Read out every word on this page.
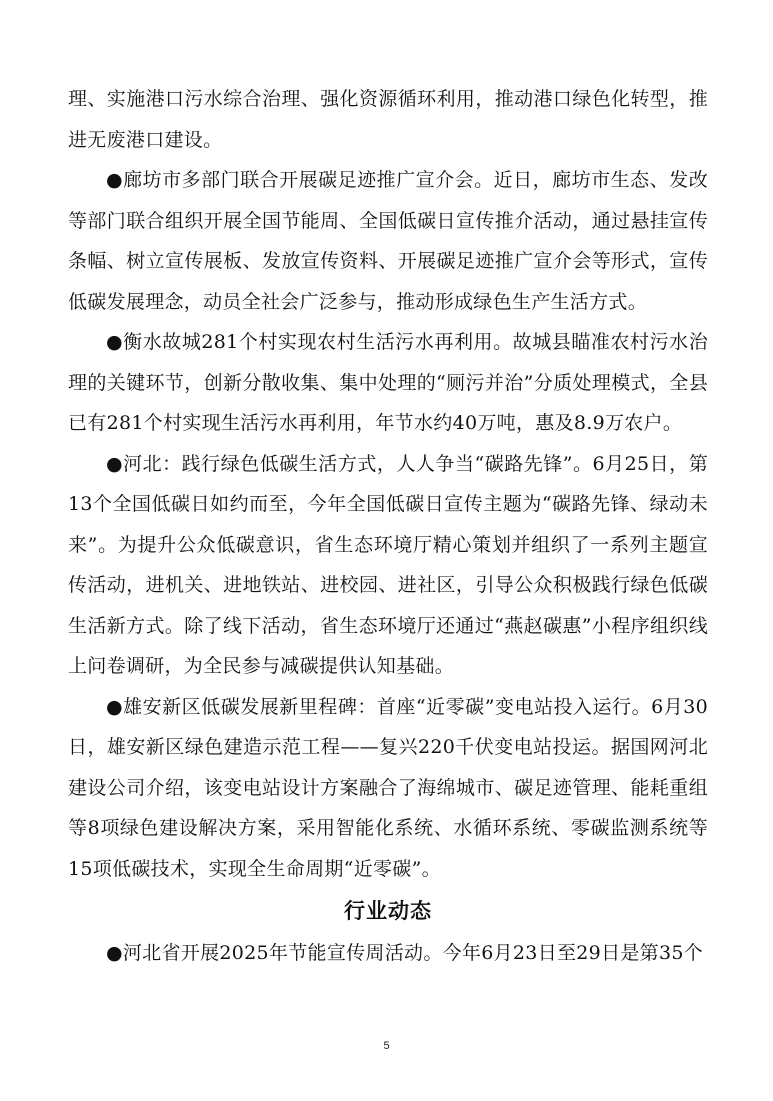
理、实施港口污水综合治理、强化资源循环利用，推动港口绿色化转型，推进无废港口建设。

●廊坊市多部门联合开展碳足迹推广宣介会。近日，廊坊市生态、发改等部门联合组织开展全国节能周、全国低碳日宣传推介活动，通过悬挂宣传条幅、树立宣传展板、发放宣传资料、开展碳足迹推广宣介会等形式，宣传低碳发展理念，动员全社会广泛参与，推动形成绿色生产生活方式。

●衡水故城281个村实现农村生活污水再利用。故城县瞄准农村污水治理的关键环节，创新分散收集、集中处理的“厕污并治”分质处理模式，全县已有281个村实现生活污水再利用，年节水约40万吨，惠及8.9万农户。

●河北：践行绿色低碳生活方式，人人争当“碳路先锋”。6月25日，第13个全国低碳日如约而至，今年全国低碳日宣传主题为“碳路先锋、绿动未来”。为提升公众低碳意识，省生态环境厅精心策划并组织了一系列主题宣传活动，进机关、进地铁站、进校园、进社区，引导公众积极践行绿色低碳生活新方式。除了线下活动，省生态环境厅还通过“燕赵碳惠”小程序组织线上问卷调研，为全民参与减碳提供认知基础。

●雄安新区低碳发展新里程碑：首座“近零碳”变电站投入运行。6月30日，雄安新区绿色建造示范工程——复兴220千伏变电站投运。据国网河北建设公司介绍，该变电站设计方案融合了海绵城市、碳足迹管理、能耗重组等8项绿色建设解决方案，采用智能化系统、水循环系统、零碳监测系统等15项低碳技术，实现全生命周期“近零碳”。

行业动态

●河北省开展2025年节能宣传周活动。今年6月23日至29日是第35个

5
